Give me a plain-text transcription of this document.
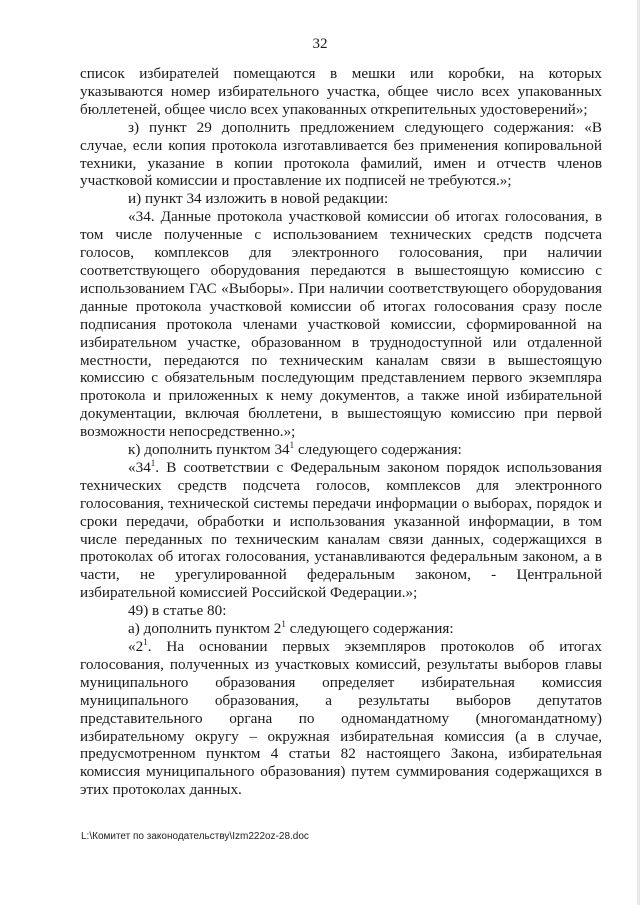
32

список избирателей помещаются в мешки или коробки, на которых указываются номер избирательного участка, общее число всех упакованных бюллетеней, общее число всех упакованных открепительных удостоверений»;

з) пункт 29 дополнить предложением следующего содержания: «В случае, если копия протокола изготавливается без применения копировальной техники, указание в копии протокола фамилий, имен и отчеств членов участковой комиссии и проставление их подписей не требуются.»;

и) пункт 34 изложить в новой редакции:

«34. Данные протокола участковой комиссии об итогах голосования, в том числе полученные с использованием технических средств подсчета голосов, комплексов для электронного голосования, при наличии соответствующего оборудования передаются в вышестоящую комиссию с использованием ГАС «Выборы». При наличии соответствующего оборудования данные протокола участковой комиссии об итогах голосования сразу после подписания протокола членами участковой комиссии, сформированной на избирательном участке, образованном в труднодоступной или отдаленной местности, передаются по техническим каналам связи в вышестоящую комиссию с обязательным последующим представлением первого экземпляра протокола и приложенных к нему документов, а также иной избирательной документации, включая бюллетени, в вышестоящую комиссию при первой возможности непосредственно.»;

к) дополнить пунктом $34^1$ следующего содержания:

«$34^1$. В соответствии с Федеральным законом порядок использования технических средств подсчета голосов, комплексов для электронного голосования, технической системы передачи информации о выборах, порядок и сроки передачи, обработки и использования указанной информации, в том числе переданных по техническим каналам связи данных, содержащихся в протоколах об итогах голосования, устанавливаются федеральным законом, а в части, не урегулированной федеральным законом, - Центральной избирательной комиссией Российской Федерации.»;

49) в статье 80:

а) дополнить пунктом $2^1$ следующего содержания:

«$2^1$. На основании первых экземпляров протоколов об итогах голосования, полученных из участковых комиссий, результаты выборов главы муниципального образования определяет избирательная комиссия муниципального образования, а результаты выборов депутатов представительного органа по одномандатному (многомандатному) избирательному округу – окружная избирательная комиссия (а в случае, предусмотренном пунктом 4 статьи 82 настоящего Закона, избирательная комиссия муниципального образования) путем суммирования содержащихся в этих протоколах данных.

L:\Комитет по законодательству\Izm222oz-28.doc
